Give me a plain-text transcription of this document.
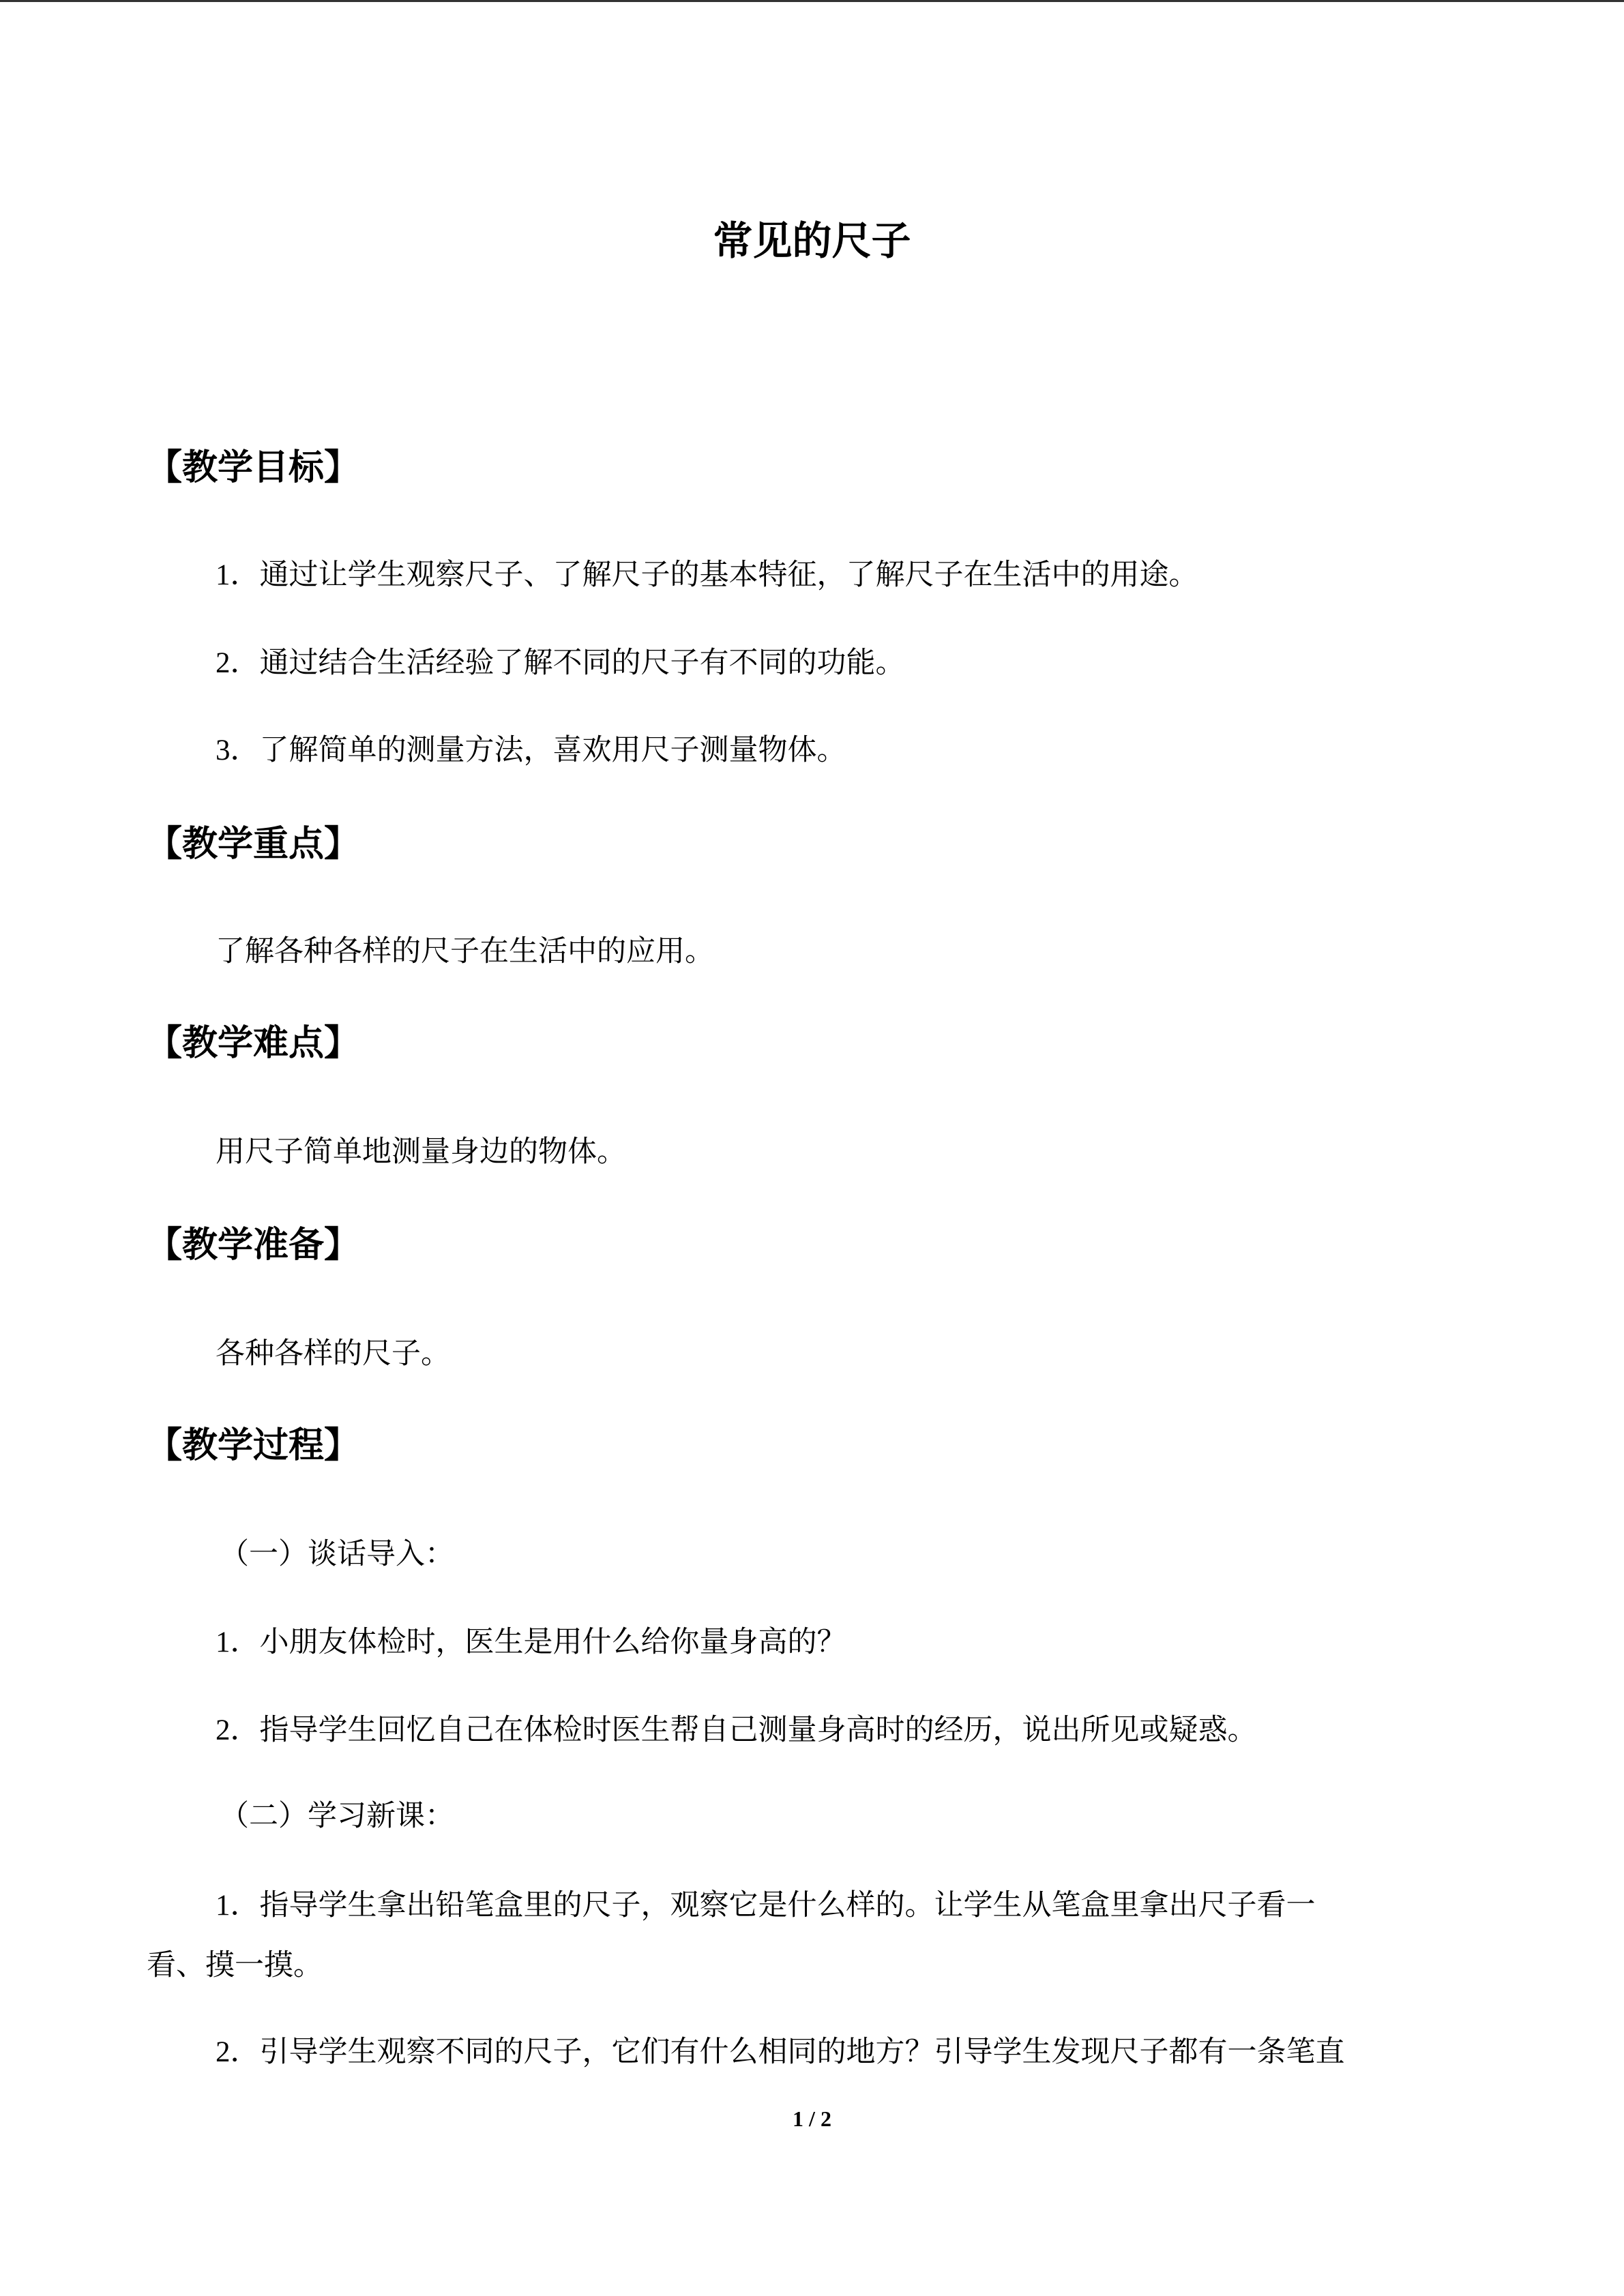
常见的尺子
【教学目标】
1．通过让学生观察尺子、了解尺子的基本特征，了解尺子在生活中的用途。
2．通过结合生活经验了解不同的尺子有不同的功能。
3．了解简单的测量方法，喜欢用尺子测量物体。
【教学重点】
了解各种各样的尺子在生活中的应用。
【教学难点】
用尺子简单地测量身边的物体。
【教学准备】
各种各样的尺子。
【教学过程】
（一）谈话导入：
1．小朋友体检时，医生是用什么给你量身高的？
2．指导学生回忆自己在体检时医生帮自己测量身高时的经历，说出所见或疑惑。
（二）学习新课：
1．指导学生拿出铅笔盒里的尺子，观察它是什么样的。让学生从笔盒里拿出尺子看一
看、摸一摸。
2．引导学生观察不同的尺子，它们有什么相同的地方？引导学生发现尺子都有一条笔直
1 / 2
